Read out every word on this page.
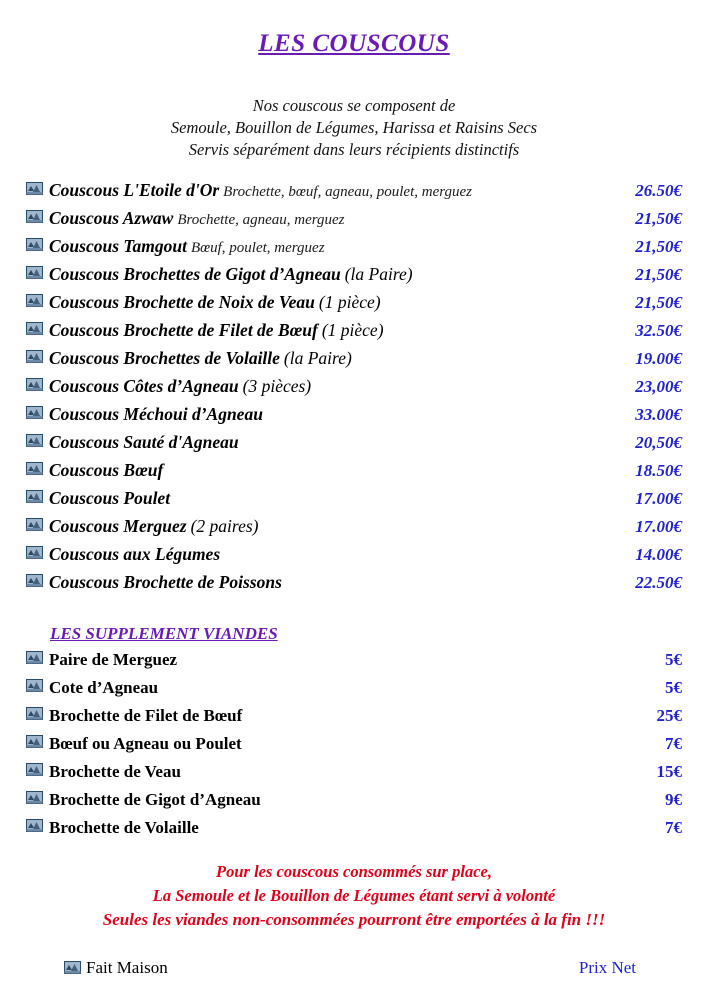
LES COUSCOUS
Nos couscous se composent de
Semoule, Bouillon de Légumes, Harissa et Raisins Secs
Servis séparément dans leurs récipients distinctifs
Couscous L'Etoile d'Or Brochette, bœuf, agneau, poulet, merguez	26.50€
Couscous Azwaw Brochette, agneau, merguez	21,50€
Couscous Tamgout Bœuf, poulet, merguez	21,50€
Couscous Brochettes de Gigot d’Agneau (la Paire)	21,50€
Couscous Brochette de Noix de Veau (1 pièce)	21,50€
Couscous Brochette de Filet de Bœuf (1 pièce)	32.50€
Couscous Brochettes de Volaille (la Paire)	19.00€
Couscous Côtes d’Agneau (3 pièces)	23,00€
Couscous Méchoui d’Agneau	33.00€
Couscous Sauté d'Agneau	20,50€
Couscous Bœuf	18.50€
Couscous Poulet	17.00€
Couscous Merguez (2 paires)	17.00€
Couscous aux Légumes	14.00€
Couscous Brochette de Poissons	22.50€
LES SUPPLEMENT VIANDES
Paire de Merguez	5€
Cote d’Agneau	5€
Brochette de Filet de Bœuf	25€
Bœuf ou Agneau ou Poulet	7€
Brochette de Veau	15€
Brochette de Gigot d’Agneau	9€
Brochette de Volaille	7€
Pour les couscous consommés sur place,
La Semoule et le Bouillon de Légumes étant servi à volonté
Seules les viandes non-consommées pourront être emportées à la fin !!!
Fait Maison	Prix Net
